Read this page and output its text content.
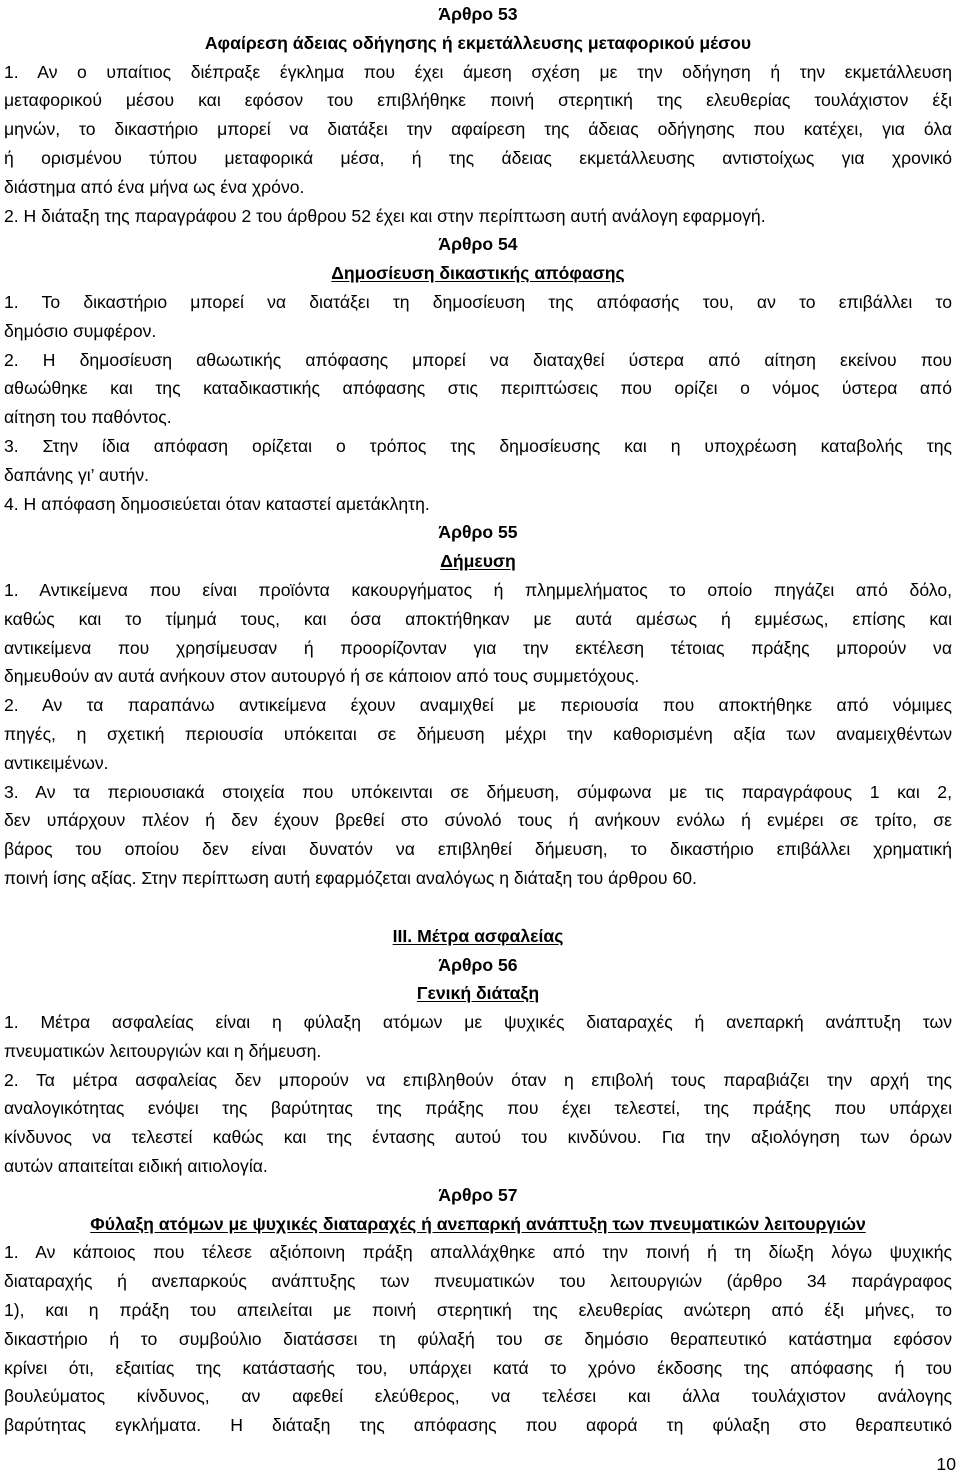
Άρθρο 53
Αφαίρεση άδειας οδήγησης ή εκμετάλλευσης μεταφορικού μέσου
1. Αν ο υπαίτιος διέπραξε έγκλημα που έχει άμεση σχέση με την οδήγηση ή την εκμετάλλευση
μεταφορικού μέσου και εφόσον του επιβλήθηκε ποινή στερητική της ελευθερίας τουλάχιστον έξι
μηνών, το δικαστήριο μπορεί να διατάξει την αφαίρεση της άδειας οδήγησης που κατέχει, για όλα
ή ορισμένου τύπου μεταφορικά μέσα, ή της άδειας εκμετάλλευσης αντιστοίχως για χρονικό
διάστημα από ένα μήνα ως ένα χρόνο.
2. Η διάταξη της παραγράφου 2 του άρθρου 52 έχει και στην περίπτωση αυτή ανάλογη εφαρμογή.
Άρθρο 54
Δημοσίευση δικαστικής απόφασης
1. Το δικαστήριο μπορεί να διατάξει τη δημοσίευση της απόφασής του, αν το επιβάλλει το
δημόσιο συμφέρον.
2. Η δημοσίευση αθωωτικής απόφασης μπορεί να διαταχθεί ύστερα από αίτηση εκείνου που
αθωώθηκε και της καταδικαστικής απόφασης στις περιπτώσεις που ορίζει ο νόμος ύστερα από
αίτηση του παθόντος.
3. Στην ίδια απόφαση ορίζεται ο τρόπος της δημοσίευσης και η υποχρέωση καταβολής της
δαπάνης γι’ αυτήν.
4. Η απόφαση δημοσιεύεται όταν καταστεί αμετάκλητη.
Άρθρο 55
Δήμευση
1. Αντικείμενα που είναι προϊόντα κακουργήματος ή πλημμελήματος το οποίο πηγάζει από δόλο,
καθώς και το τίμημά τους, και όσα αποκτήθηκαν με αυτά αμέσως ή εμμέσως, επίσης και
αντικείμενα που χρησίμευσαν ή προορίζονταν για την εκτέλεση τέτοιας πράξης μπορούν να
δημευθούν αν αυτά ανήκουν στον αυτουργό ή σε κάποιον από τους συμμετόχους.
2. Αν τα παραπάνω αντικείμενα έχουν αναμιχθεί με περιουσία που αποκτήθηκε από νόμιμες
πηγές, η σχετική περιουσία υπόκειται σε δήμευση μέχρι την καθορισμένη αξία των αναμειχθέντων
αντικειμένων.
3. Αν τα περιουσιακά στοιχεία που υπόκεινται σε δήμευση, σύμφωνα με τις παραγράφους 1 και 2,
δεν υπάρχουν πλέον ή δεν έχουν βρεθεί στο σύνολό τους ή ανήκουν ενόλω ή ενμέρει σε τρίτο, σε
βάρος του οποίου δεν είναι δυνατόν να επιβληθεί δήμευση, το δικαστήριο επιβάλλει χρηματική
ποινή ίσης αξίας. Στην περίπτωση αυτή εφαρμόζεται αναλόγως η διάταξη του άρθρου 60.
ΙΙΙ. Μέτρα ασφαλείας
Άρθρο 56
Γενική διάταξη
1. Μέτρα ασφαλείας είναι η φύλαξη ατόμων με ψυχικές διαταραχές ή ανεπαρκή ανάπτυξη των
πνευματικών λειτουργιών και η δήμευση.
2. Τα μέτρα ασφαλείας δεν μπορούν να επιβληθούν όταν η επιβολή τους παραβιάζει την αρχή της
αναλογικότητας ενόψει της βαρύτητας της πράξης που έχει τελεστεί, της πράξης που υπάρχει
κίνδυνος να τελεστεί καθώς και της έντασης αυτού του κινδύνου. Για την αξιολόγηση των όρων
αυτών απαιτείται ειδική αιτιολογία.
Άρθρο 57
Φύλαξη ατόμων με ψυχικές διαταραχές ή ανεπαρκή ανάπτυξη των πνευματικών λειτουργιών
1. Αν κάποιος που τέλεσε αξιόποινη πράξη απαλλάχθηκε από την ποινή ή τη δίωξη λόγω ψυχικής
διαταραχής ή ανεπαρκούς ανάπτυξης των πνευματικών του λειτουργιών (άρθρο 34 παράγραφος
1), και η πράξη του απειλείται με ποινή στερητική της ελευθερίας ανώτερη από έξι μήνες, το
δικαστήριο ή το συμβούλιο διατάσσει τη φύλαξή του σε δημόσιο θεραπευτικό κατάστημα εφόσον
κρίνει ότι, εξαιτίας της κατάστασής του, υπάρχει κατά το χρόνο έκδοσης της απόφασης ή του
βουλεύματος κίνδυνος, αν αφεθεί ελεύθερος, να τελέσει και άλλα τουλάχιστον ανάλογης
βαρύτητας εγκλήματα. Η διάταξη της απόφασης που αφορά τη φύλαξη στο θεραπευτικό
10
